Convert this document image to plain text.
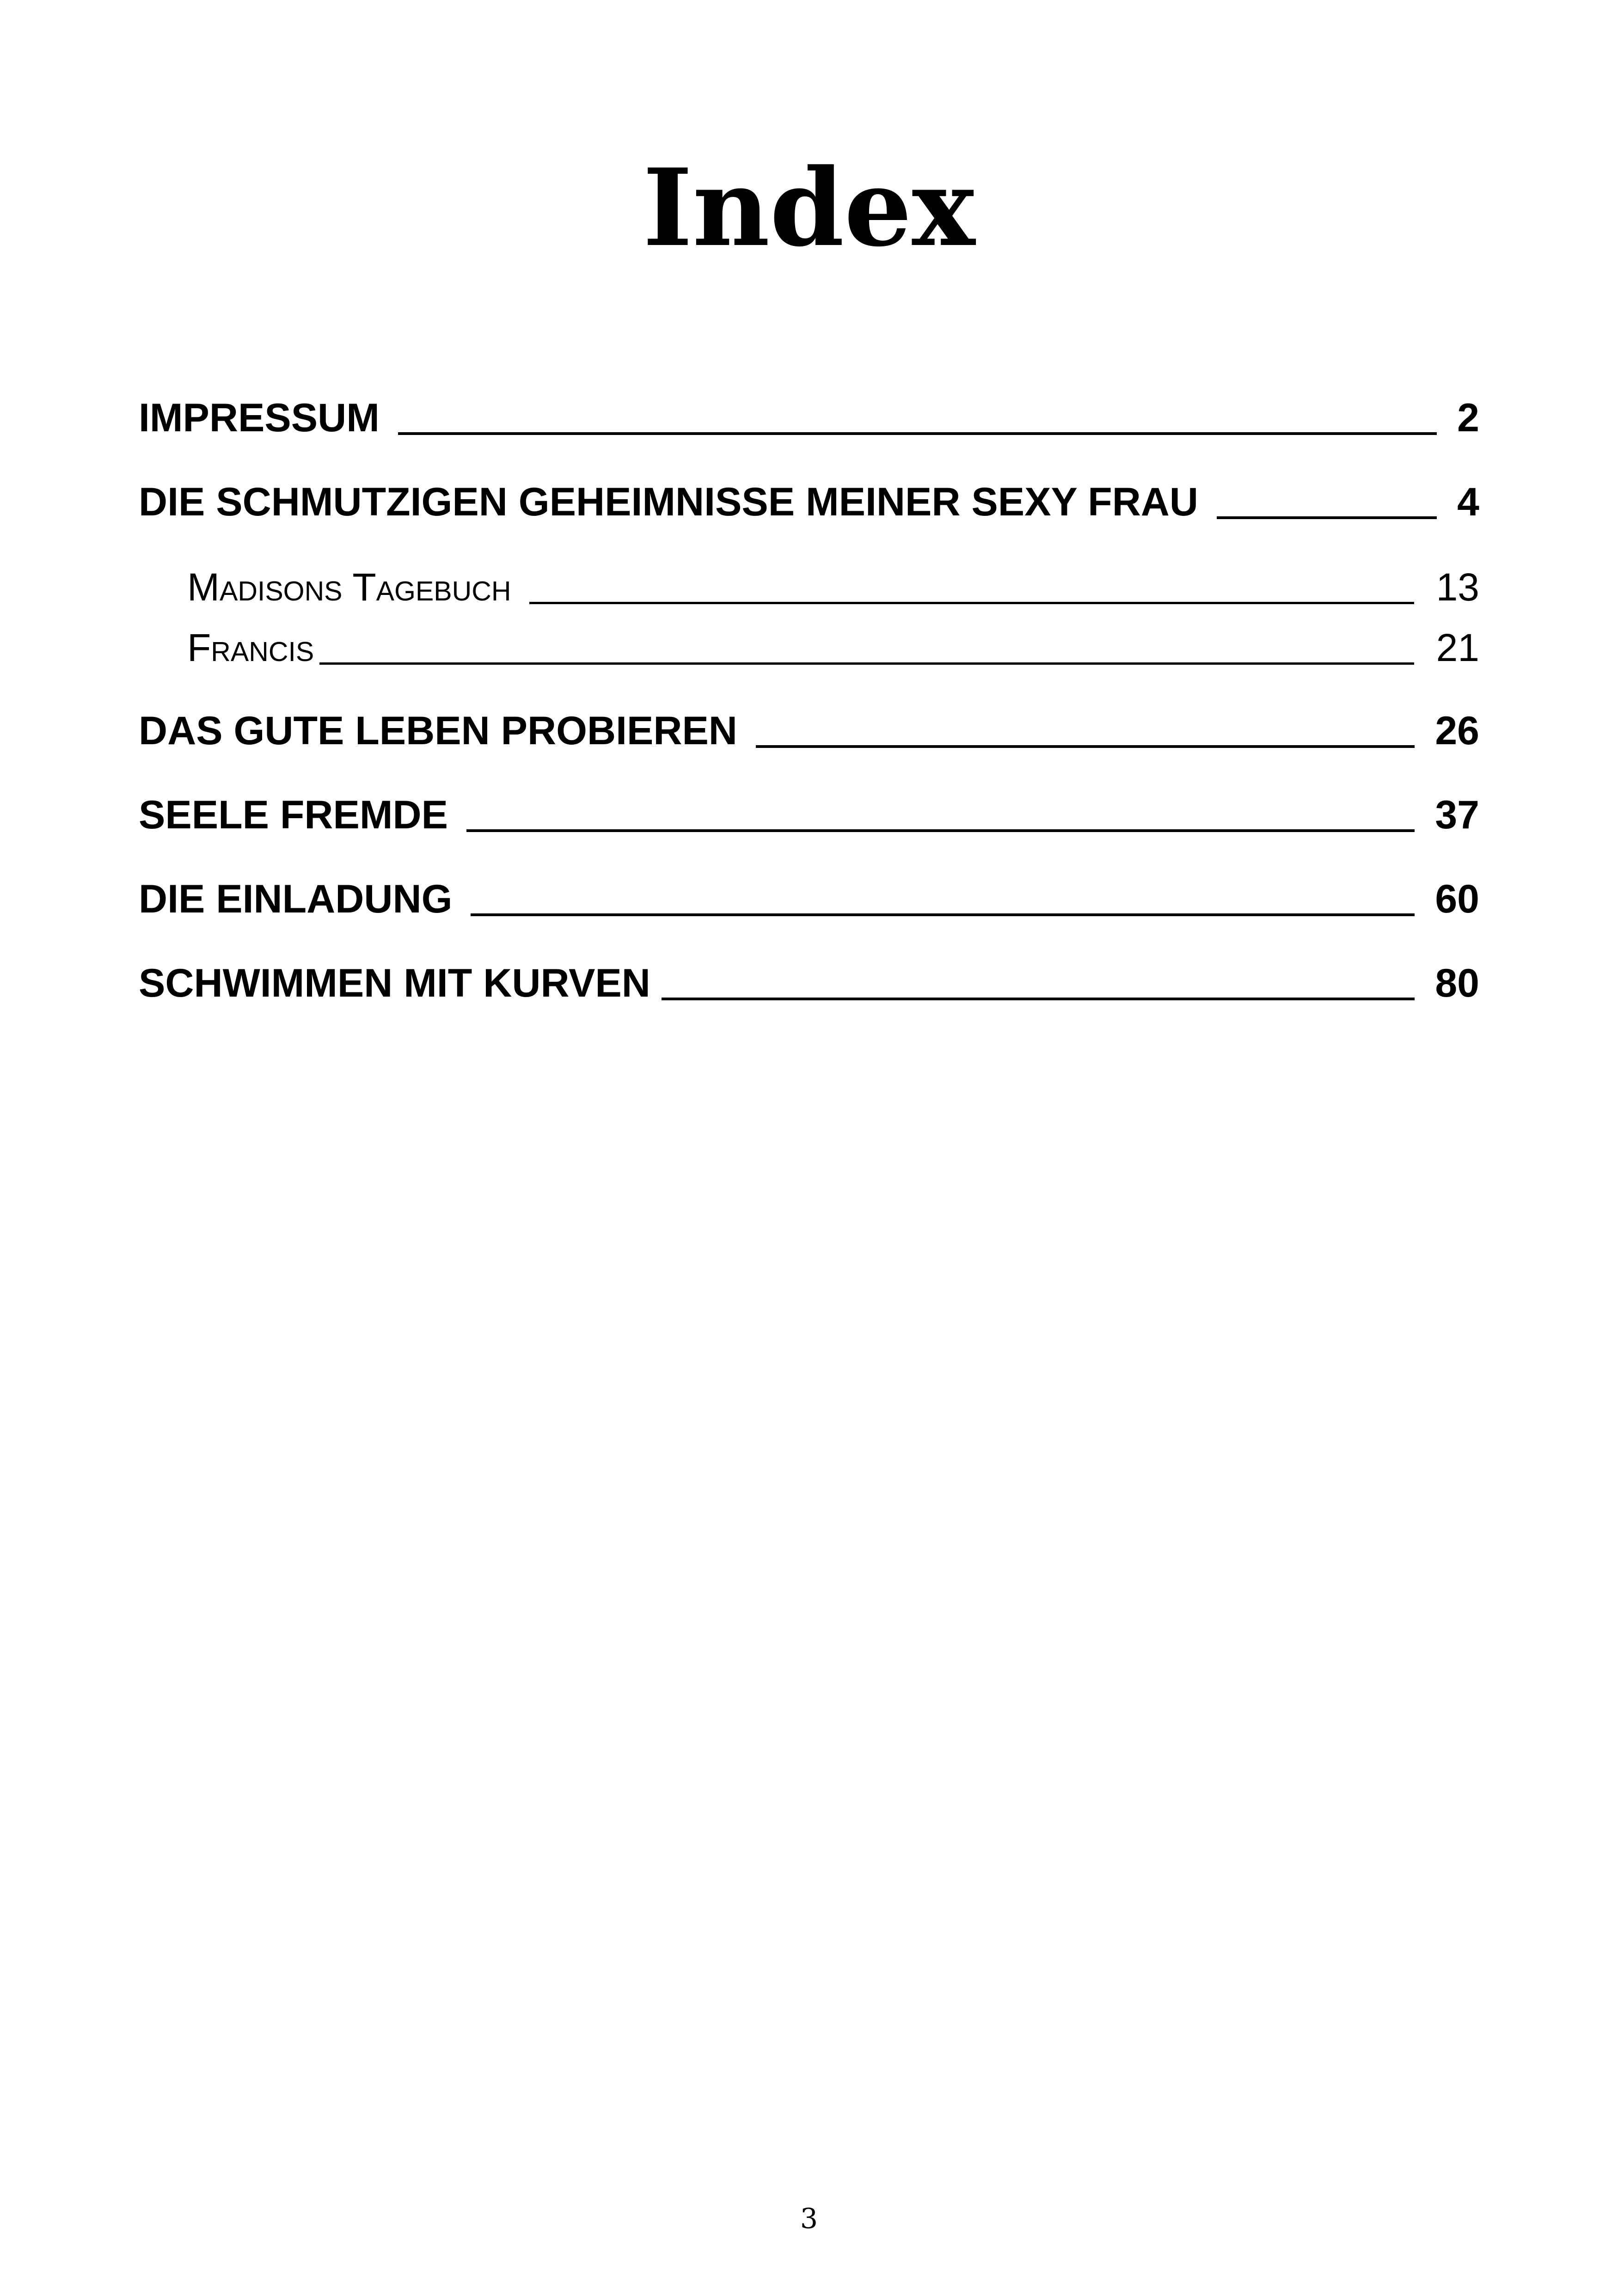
Index
IMPRESSUM	2
DIE SCHMUTZIGEN GEHEIMNISSE MEINER SEXY FRAU	4
Madisons Tagebuch	13
Francis	21
DAS GUTE LEBEN PROBIEREN	26
SEELE FREMDE	37
DIE EINLADUNG	60
SCHWIMMEN MIT KURVEN	80
3
